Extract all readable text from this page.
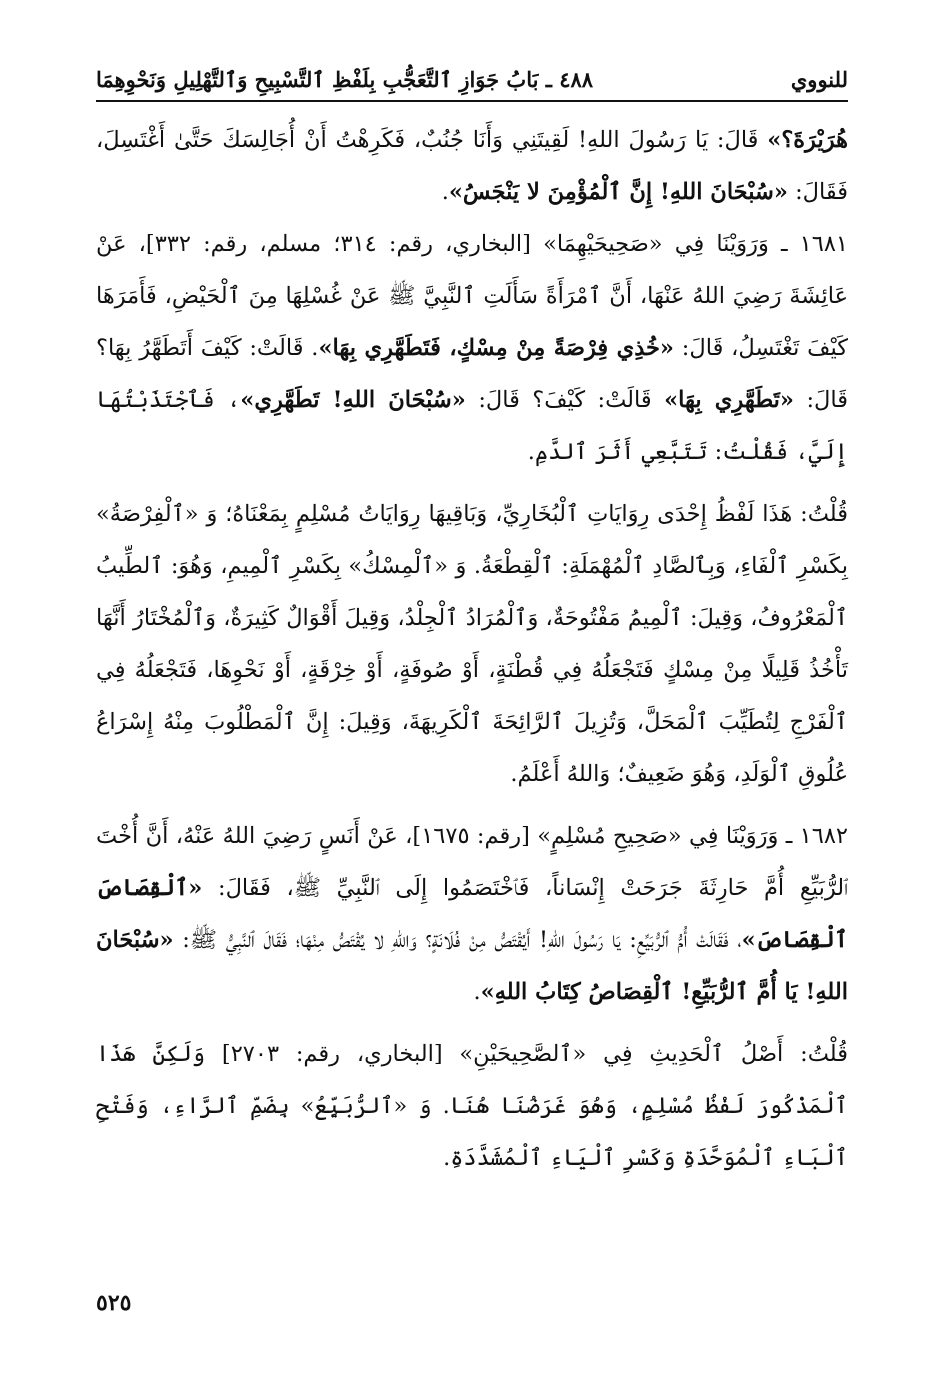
للنووي
٤٨٨ ـ بَابُ جَوَازِ ٱلتَّعَجُّبِ بِلَفْظِ ٱلتَّسْبِيحِ وَٱلتَّهْلِيلِ وَنَحْوِهِمَا

هُرَيْرَةَ؟» قَالَ: يَا رَسُولَ اللهِ! لَقِيتَنِي وَأَنَا جُنُبٌ، فَكَرِهْتُ أَنْ أُجَالِسَكَ حَتَّىٰ أَغْتَسِلَ، فَقَالَ: «سُبْحَانَ اللهِ! إِنَّ ٱلْمُؤْمِنَ لا يَنْجَسُ».

١٦٨١ ـ وَرَوَيْنَا فِي «صَحِيحَيْهِمَا» [البخاري، رقم: ٣١٤؛ مسلم، رقم: ٣٣٢]، عَنْ عَائِشَةَ رَضِيَ اللهُ عَنْهَا، أَنَّ ٱمْرَأَةً سَأَلَتِ ٱلنَّبِيَّ ﷺ عَنْ غُسْلِهَا مِنَ ٱلْحَيْضِ، فَأَمَرَهَا كَيْفَ تَغْتَسِلُ، قَالَ: «خُذِي فِرْصَةً مِنْ مِسْكٍ، فَتَطَهَّرِي بِهَا». قَالَتْ: كَيْفَ أَتَطَهَّرُ بِهَا؟ قَالَ: «تَطَهَّرِي بِهَا» قَالَتْ: كَيْفَ؟ قَالَ: «سُبْحَانَ اللهِ! تَطَهَّرِي»، فَٱجْتَذَبْتُهَا إِلَيَّ، فَقُلْتُ: تَتَبَّعِي أَثَرَ ٱلدَّمِ.

قُلْتُ: هَذَا لَفْظُ إِحْدَى رِوَايَاتِ ٱلْبُخَارِيِّ، وَبَاقِيهَا رِوَايَاتُ مُسْلِمٍ بِمَعْنَاهُ؛ وَ «ٱلْفِرْصَةُ» بِكَسْرِ ٱلْفَاءِ، وَبِٱلصَّادِ ٱلْمُهْمَلَةِ: ٱلْقِطْعَةُ. وَ «ٱلْمِسْكُ» بِكَسْرِ ٱلْمِيمِ، وَهُوَ: ٱلطِّيبُ ٱلْمَعْرُوفُ، وَقِيلَ: ٱلْمِيمُ مَفْتُوحَةٌ، وَٱلْمُرَادُ ٱلْجِلْدُ، وَقِيلَ أَقْوَالٌ كَثِيرَةٌ، وَٱلْمُخْتَارُ أَنَّهَا تَأْخُذُ قَلِيلًا مِنْ مِسْكٍ فَتَجْعَلُهُ فِي قُطْنَةٍ، أَوْ صُوفَةٍ، أَوْ خِرْقَةٍ، أَوْ نَحْوِهَا، فَتَجْعَلُهُ فِي ٱلْفَرْجِ لِتُطَيِّبَ ٱلْمَحَلَّ، وَتُزِيلَ ٱلرَّائِحَةَ ٱلْكَرِيهَةَ، وَقِيلَ: إِنَّ ٱلْمَطْلُوبَ مِنْهُ إِسْرَاعُ عُلُوقِ ٱلْوَلَدِ، وَهُوَ ضَعِيفٌ؛ وَاللهُ أَعْلَمُ.

١٦٨٢ ـ وَرَوَيْنَا فِي «صَحِيحِ مُسْلِمٍ» [رقم: ١٦٧٥]، عَنْ أَنَسٍ رَضِيَ اللهُ عَنْهُ، أَنَّ أُخْتَ ٱلرُّبَيِّعِ أُمَّ حَارِثَةَ جَرَحَتْ إِنْسَاناً، فَٱخْتَصَمُوا إِلَى ٱلنَّبِيِّ ﷺ، فَقَالَ: «ٱلْقِصَاصَ ٱلْقِصَاصَ»، فَقَالَتْ أُمُّ ٱلرُّبَيِّعِ: يَا رَسُولَ اللهِ! أَيُقْتَصُّ مِنْ فُلَانَةٍ؟ وَاللهِ لا يُقْتَصُّ مِنْهَا؛ فَقَالَ ٱلنَّبِيُّ ﷺ: «سُبْحَانَ اللهِ! يَا أُمَّ ٱلرُّبَيِّعِ! ٱلْقِصَاصُ كِتَابُ اللهِ».

قُلْتُ: أَصْلُ ٱلْحَدِيثِ فِي «ٱلصَّحِيحَيْنِ» [البخاري، رقم: ٢٧٠٣] وَلَكِنَّ هَذَا ٱلْمَذْكُورَ لَفْظُ مُسْلِمٍ، وَهُوَ غَرَضُنَا هُنَا. وَ «ٱلرُّبَيِّعُ» بِضَمِّ ٱلرَّاءِ، وَفَتْحِ ٱلْبَاءِ ٱلْمُوَحَّدَةِ وَكَسْرِ ٱلْيَاءِ ٱلْمُشَدَّدَةِ.

٥٢٥
